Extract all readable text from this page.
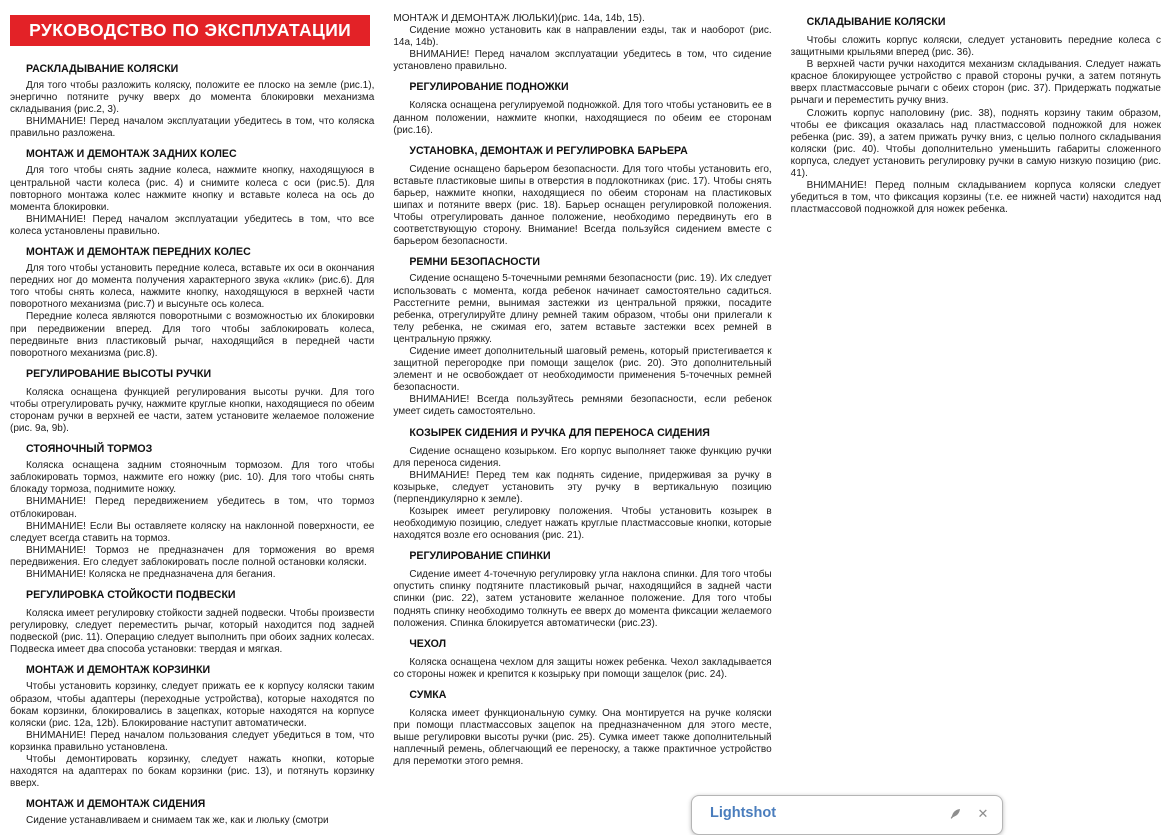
РУКОВОДСТВО ПО ЭКСПЛУАТАЦИИ
РАСКЛАДЫВАНИЕ КОЛЯСКИ

Для того чтобы разложить коляску, положите ее плоско на земле (рис.1), энергично потяните ручку вверх до момента блокировки механизма складывания (рис.2, 3).

ВНИМАНИЕ! Перед началом эксплуатации убедитесь в том, что коляска правильно разложена.

МОНТАЖ И ДЕМОНТАЖ ЗАДНИХ КОЛЕС

Для того чтобы снять задние колеса, нажмите кнопку, находящуюся в центральной части колеса (рис. 4) и снимите колеса с оси (рис.5). Для повторного монтажа колес нажмите кнопку и вставьте колеса на ось до момента блокировки.

ВНИМАНИЕ! Перед началом эксплуатации убедитесь в том, что все колеса установлены правильно.

МОНТАЖ И ДЕМОНТАЖ ПЕРЕДНИХ КОЛЕС

Для того чтобы установить передние колеса, вставьте их оси в окончания передних ног до момента получения характерного звука «клик» (рис.6). Для того чтобы снять колеса, нажмите кнопку, находящуюся в верхней части поворотного механизма (рис.7) и высуньте ось колеса.

Передние колеса являются поворотными с возможностью их блокировки при передвижении вперед. Для того чтобы заблокировать колеса, передвиньте вниз пластиковый рычаг, находящийся в передней части поворотного механизма (рис.8).

РЕГУЛИРОВАНИЕ ВЫСОТЫ РУЧКИ

Коляска оснащена функцией регулирования высоты ручки. Для того чтобы отрегулировать ручку, нажмите круглые кнопки, находящиеся по обеим сторонам ручки в верхней ее части, затем установите желаемое положение (рис. 9а, 9b).

СТОЯНОЧНЫЙ ТОРМОЗ

Коляска оснащена задним стояночным тормозом. Для того чтобы заблокировать тормоз, нажмите его ножку (рис. 10). Для того чтобы снять блокаду тормоза, поднимите ножку.

ВНИМАНИЕ! Перед передвижением убедитесь в том, что тормоз отблокирован.

ВНИМАНИЕ! Если Вы оставляете коляску на наклонной поверхности, ее следует всегда ставить на тормоз.

ВНИМАНИЕ! Тормоз не предназначен для торможения во время передвижения. Его следует заблокировать после полной остановки коляски.

ВНИМАНИЕ! Коляска не предназначена для бегания.

РЕГУЛИРОВКА СТОЙКОСТИ ПОДВЕСКИ

Коляска имеет регулировку стойкости задней подвески. Чтобы произвести регулировку, следует переместить рычаг, который находится под задней подвеской (рис. 11). Операцию следует выполнить при обоих задних колесах. Подвеска имеет два способа установки: твердая и мягкая.

МОНТАЖ И ДЕМОНТАЖ КОРЗИНКИ

Чтобы установить корзинку, следует прижать ее к корпусу коляски таким образом, чтобы адаптеры (переходные устройства), которые находятся по бокам корзинки, блокировались в зацепках, которые находятся на корпусе коляски (рис. 12a, 12b). Блокирование наступит автоматически.

ВНИМАНИЕ! Перед началом пользования следует убедиться в том, что корзинка правильно установлена.

Чтобы демонтировать корзинку, следует нажать кнопки, которые находятся на адаптерах по бокам корзинки (рис. 13), и потянуть корзинку вверх.

МОНТАЖ И ДЕМОНТАЖ СИДЕНИЯ

Сидение устанавливаем и снимаем так же, как и люльку (смотри

МОНТАЖ И ДЕМОНТАЖ ЛЮЛЬКИ)(рис. 14a, 14b, 15).

Сидение можно установить как в направлении езды, так и наоборот (рис. 14a, 14b).

ВНИМАНИЕ! Перед началом эксплуатации убедитесь в том, что сидение установлено правильно.

РЕГУЛИРОВАНИЕ ПОДНОЖКИ

Коляска оснащена регулируемой подножкой. Для того чтобы установить ее в данном положении, нажмите кнопки, находящиеся по обеим ее сторонам (рис.16).

УСТАНОВКА, ДЕМОНТАЖ И РЕГУЛИРОВКА БАРЬЕРА

Сидение оснащено барьером безопасности. Для того чтобы установить его, вставьте пластиковые шипы в отверстия в подлокотниках (рис. 17). Чтобы снять барьер, нажмите кнопки, находящиеся по обеим сторонам на пластиковых шипах и потяните вверх (рис. 18). Барьер оснащен регулировкой положения. Чтобы отрегулировать данное положение, необходимо передвинуть его в соответствующую сторону. Внимание! Всегда пользуйся сидением вместе с барьером безопасности.

РЕМНИ БЕЗОПАСНОСТИ

Сидение оснащено 5-точечными ремнями безопасности (рис. 19). Их следует использовать с момента, когда ребенок начинает самостоятельно садиться. Расстегните ремни, вынимая застежки из центральной пряжки, посадите ребенка, отрегулируйте длину ремней таким образом, чтобы они прилегали к телу ребенка, не сжимая его, затем вставьте застежки всех ремней в центральную пряжку.

Сидение имеет дополнительный шаговый ремень, который пристегивается к защитной перегородке при помощи защелок (рис. 20). Это дополнительный элемент и не освобождает от необходимости применения 5-точечных ремней безопасности.

ВНИМАНИЕ! Всегда пользуйтесь ремнями безопасности, если ребенок умеет сидеть самостоятельно.

КОЗЫРЕК СИДЕНИЯ И РУЧКА ДЛЯ ПЕРЕНОСА СИДЕНИЯ

Сидение оснащено козырьком. Его корпус выполняет также функцию ручки для переноса сидения.

ВНИМАНИЕ! Перед тем как поднять сидение, придерживая за ручку в козырьке, следует установить эту ручку в вертикальную позицию (перпендикулярно к земле).

Козырек имеет регулировку положения. Чтобы установить козырек в необходимую позицию, следует нажать круглые пластмассовые кнопки, которые находятся возле его основания (рис. 21).

РЕГУЛИРОВАНИЕ СПИНКИ

Сидение имеет 4-точечную регулировку угла наклона спинки. Для того чтобы опустить спинку подтяните пластиковый рычаг, находящийся в задней части спинки (рис. 22), затем установите желанное положение. Для того чтобы поднять спинку необходимо толкнуть ее вверх до момента фиксации желаемого положения. Спинка блокируется автоматически (рис.23).

ЧЕХОЛ

Коляска оснащена чехлом для защиты ножек ребенка. Чехол закладывается со стороны ножек и крепится к козырьку при помощи защелок (рис. 24).

СУМКА

Коляска имеет функциональную сумку. Она монтируется на ручке коляски при помощи пластмассовых зацепок на предназначенном для этого месте, выше регулировки высоты ручки (рис. 25). Сумка имеет также дополнительный наплечный ремень, облегчающий ее переноску, а также практичное устройство для перемотки этого ремня.

СКЛАДЫВАНИЕ КОЛЯСКИ

Чтобы сложить корпус коляски, следует установить передние колеса с защитными крыльями вперед (рис. 36).

В верхней части ручки находится механизм складывания. Следует нажать красное блокирующее устройство с правой стороны ручки, а затем потянуть вверх пластмассовые рычаги с обеих сторон (рис. 37). Придержать поджатые рычаги и переместить ручку вниз.

Сложить корпус наполовину (рис. 38), поднять корзину таким образом, чтобы ее фиксация оказалась над пластмассовой подножкой для ножек ребенка (рис. 39), а затем прижать ручку вниз, с целью полного складывания коляски (рис. 40). Чтобы дополнительно уменьшить габариты сложенного корпуса, следует установить регулировку ручки в самую низкую позицию (рис. 41).

ВНИМАНИЕ! Перед полным складыванием корпуса коляски следует убедиться в том, что фиксация корзины (т.е. ее нижней части) находится над пластмассовой подножкой для ножек ребенка.

Lightshot	✕
